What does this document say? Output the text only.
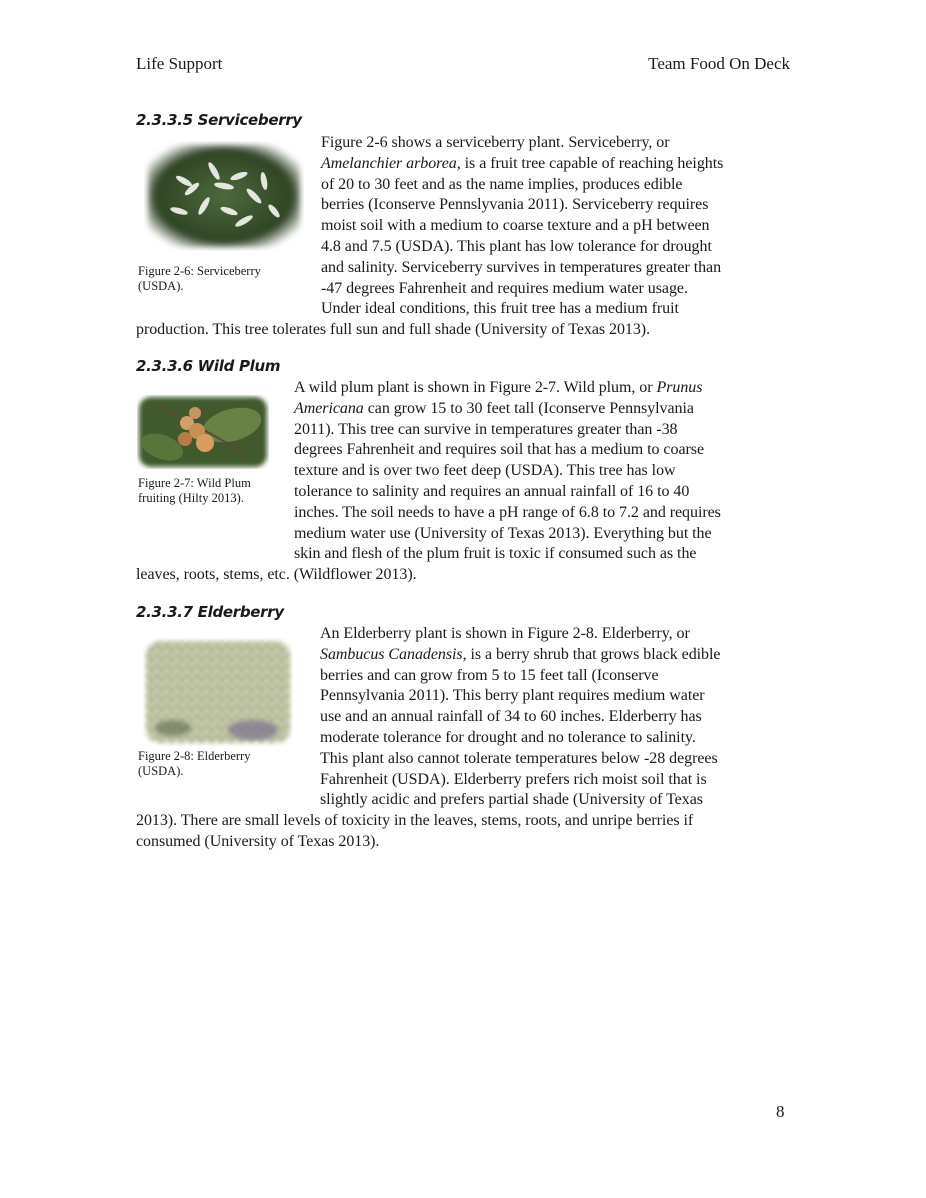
Life Support	Team Food On Deck
2.3.3.5 Serviceberry
Figure 2-6: Serviceberry
(USDA).
Figure 2-6 shows a serviceberry plant. Serviceberry, or
Amelanchier arborea, is a fruit tree capable of reaching heights
of 20 to 30 feet and as the name implies, produces edible
berries (Iconserve Pennslyvania 2011). Serviceberry requires
moist soil with a medium to coarse texture and a pH between
4.8 and 7.5 (USDA). This plant has low tolerance for drought
and salinity. Serviceberry survives in temperatures greater than
-47 degrees Fahrenheit and requires medium water usage.
Under ideal conditions, this fruit tree has a medium fruit
production. This tree tolerates full sun and full shade (University of Texas 2013).
2.3.3.6 Wild Plum
Figure 2-7: Wild Plum
fruiting (Hilty 2013).
A wild plum plant is shown in Figure 2-7. Wild plum, or Prunus
Americana can grow 15 to 30 feet tall (Iconserve Pennsylvania
2011). This tree can survive in temperatures greater than -38
degrees Fahrenheit and requires soil that has a medium to coarse
texture and is over two feet deep (USDA). This tree has low
tolerance to salinity and requires an annual rainfall of 16 to 40
inches. The soil needs to have a pH range of 6.8 to 7.2 and requires
medium water use (University of Texas 2013). Everything but the
skin and flesh of the plum fruit is toxic if consumed such as the
leaves, roots, stems, etc. (Wildflower 2013).
2.3.3.7 Elderberry
Figure 2-8: Elderberry
(USDA).
An Elderberry plant is shown in Figure 2-8. Elderberry, or
Sambucus Canadensis, is a berry shrub that grows black edible
berries and can grow from 5 to 15 feet tall (Iconserve
Pennsylvania 2011). This berry plant requires medium water
use and an annual rainfall of 34 to 60 inches. Elderberry has
moderate tolerance for drought and no tolerance to salinity.
This plant also cannot tolerate temperatures below -28 degrees
Fahrenheit (USDA). Elderberry prefers rich moist soil that is
slightly acidic and prefers partial shade (University of Texas
2013). There are small levels of toxicity in the leaves, stems, roots, and unripe berries if
consumed (University of Texas 2013).
8
